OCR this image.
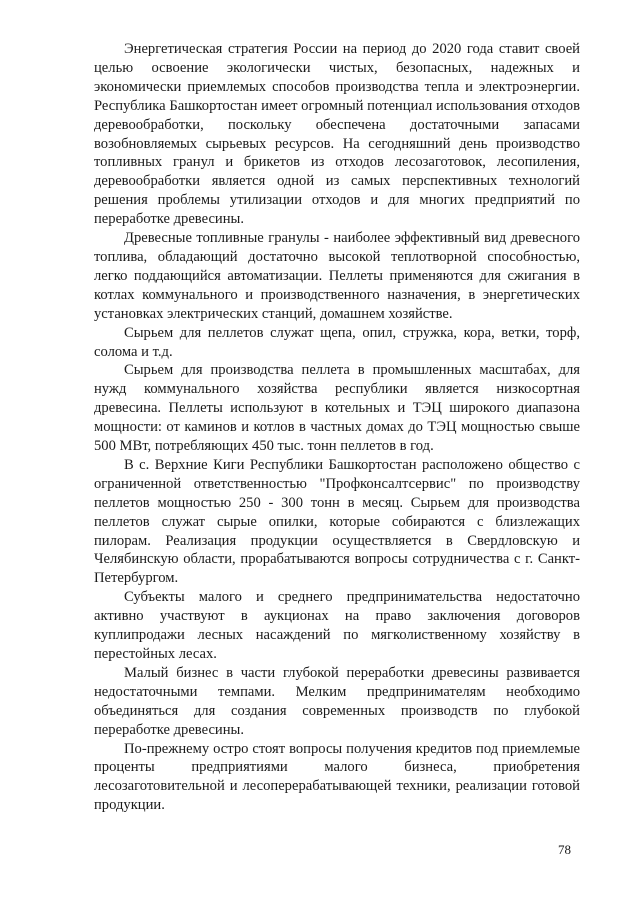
Энергетическая стратегия России на период до 2020 года ставит своей целью освоение экологически чистых, безопасных, надежных и экономически приемлемых способов производства тепла и электроэнергии. Республика Башкортостан имеет огромный потенциал использования отходов деревообработки, поскольку обеспечена достаточными запасами возобновляемых сырьевых ресурсов. На сегодняшний день производство топливных гранул и брикетов из отходов лесозаготовок, лесопиления, деревообработки является одной из самых перспективных технологий решения проблемы утилизации отходов и для многих предприятий по переработке древесины.

Древесные топливные гранулы - наиболее эффективный вид древесного топлива, обладающий достаточно высокой теплотворной способностью, легко поддающийся автоматизации. Пеллеты применяются для сжигания в котлах коммунального и производственного назначения, в энергетических установках электрических станций, домашнем хозяйстве.

Сырьем для пеллетов служат щепа, опил, стружка, кора, ветки, торф, солома и т.д.

Сырьем для производства пеллета в промышленных масштабах, для нужд коммунального хозяйства республики является низкосортная древесина. Пеллеты используют в котельных и ТЭЦ широкого диапазона мощности: от каминов и котлов в частных домах до ТЭЦ мощностью свыше 500 МВт, потребляющих 450 тыс. тонн пеллетов в год.

В с. Верхние Киги Республики Башкортостан расположено общество с ограниченной ответственностью "Профконсалтсервис" по производству пеллетов мощностью 250 - 300 тонн в месяц. Сырьем для производства пеллетов служат сырые опилки, которые собираются с близлежащих пилорам. Реализация продукции осуществляется в Свердловскую и Челябинскую области, прорабатываются вопросы сотрудничества с г. Санкт-Петербургом.

Субъекты малого и среднего предпринимательства недостаточно активно участвуют в аукционах на право заключения договоров куплипродажи лесных насаждений по мягколиственному хозяйству в перестойных лесах.

Малый бизнес в части глубокой переработки древесины развивается недостаточными темпами. Мелким предпринимателям необходимо объединяться для создания современных производств по глубокой переработке древесины.

По-прежнему остро стоят вопросы получения кредитов под приемлемые проценты предприятиями малого бизнеса, приобретения лесозаготовительной и лесоперерабатывающей техники, реализации готовой продукции.

78
